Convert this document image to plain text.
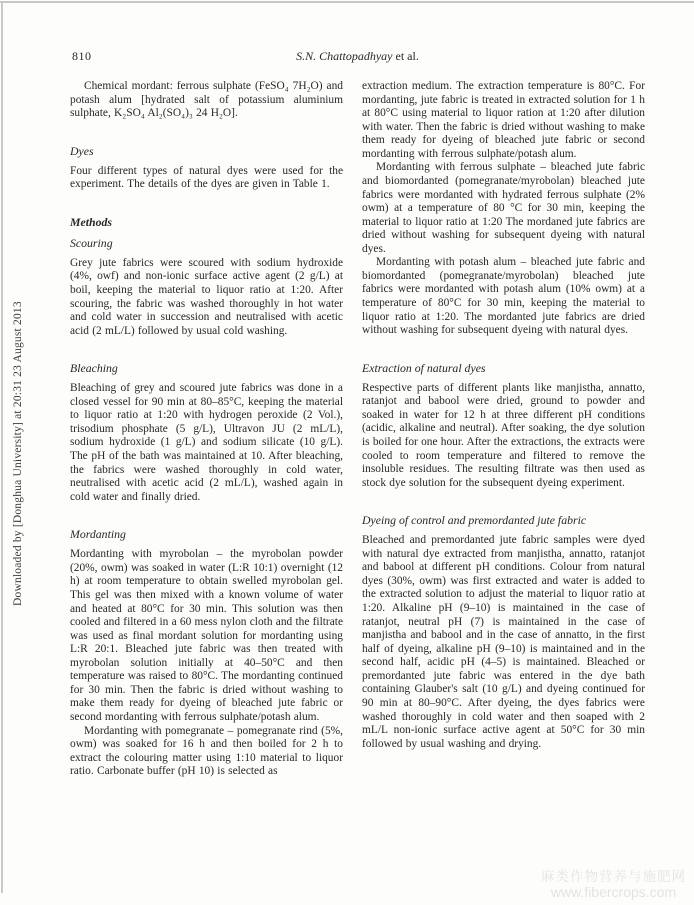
Downloaded by [Donghua University] at 20:31 23 August 2013
810	S.N. Chattopadhyay et al.

Chemical mordant: ferrous sulphate (FeSO₄ 7H₂O) and potash alum [hydrated salt of potassium aluminium sulphate, K₂SO₄ Al₂(SO₄)₃ 24 H₂O].

Dyes

Four different types of natural dyes were used for the experiment. The details of the dyes are given in Table 1.

Methods
Scouring

Grey jute fabrics were scoured with sodium hydroxide (4%, owf) and non-ionic surface active agent (2 g/L) at boil, keeping the material to liquor ratio at 1:20. After scouring, the fabric was washed thoroughly in hot water and cold water in succession and neutralised with acetic acid (2 mL/L) followed by usual cold washing.

Bleaching

Bleaching of grey and scoured jute fabrics was done in a closed vessel for 90 min at 80–85°C, keeping the material to liquor ratio at 1:20 with hydrogen peroxide (2 Vol.), trisodium phosphate (5 g/L), Ultravon JU (2 mL/L), sodium hydroxide (1 g/L) and sodium silicate (10 g/L). The pH of the bath was maintained at 10. After bleaching, the fabrics were washed thoroughly in cold water, neutralised with acetic acid (2 mL/L), washed again in cold water and finally dried.

Mordanting

Mordanting with myrobolan – the myrobolan powder (20%, owm) was soaked in water (L:R 10:1) overnight (12 h) at room temperature to obtain swelled myrobolan gel. This gel was then mixed with a known volume of water and heated at 80°C for 30 min. This solution was then cooled and filtered in a 60 mess nylon cloth and the filtrate was used as final mordant solution for mordanting using L:R 20:1. Bleached jute fabric was then treated with myrobolan solution initially at 40–50°C and then temperature was raised to 80°C. The mordanting continued for 30 min. Then the fabric is dried without washing to make them ready for dyeing of bleached jute fabric or second mordanting with ferrous sulphate/potash alum.

Mordanting with pomegranate – pomegranate rind (5%, owm) was soaked for 16 h and then boiled for 2 h to extract the colouring matter using 1:10 material to liquor ratio. Carbonate buffer (pH 10) is selected as

extraction medium. The extraction temperature is 80°C. For mordanting, jute fabric is treated in extracted solution for 1 h at 80°C using material to liquor ration at 1:20 after dilution with water. Then the fabric is dried without washing to make them ready for dyeing of bleached jute fabric or second mordanting with ferrous sulphate/potash alum.

Mordanting with ferrous sulphate – bleached jute fabric and biomordanted (pomegranate/myrobolan) bleached jute fabrics were mordanted with hydrated ferrous sulphate (2% owm) at a temperature of 80 °C for 30 min, keeping the material to liquor ratio at 1:20 The mordaned jute fabrics are dried without washing for subsequent dyeing with natural dyes.

Mordanting with potash alum – bleached jute fabric and biomordanted (pomegranate/myrobolan) bleached jute fabrics were mordanted with potash alum (10% owm) at a temperature of 80°C for 30 min, keeping the material to liquor ratio at 1:20. The mordanted jute fabrics are dried without washing for subsequent dyeing with natural dyes.

Extraction of natural dyes

Respective parts of different plants like manjistha, annatto, ratanjot and babool were dried, ground to powder and soaked in water for 12 h at three different pH conditions (acidic, alkaline and neutral). After soaking, the dye solution is boiled for one hour. After the extractions, the extracts were cooled to room temperature and filtered to remove the insoluble residues. The resulting filtrate was then used as stock dye solution for the subsequent dyeing experiment.

Dyeing of control and premordanted jute fabric

Bleached and premordanted jute fabric samples were dyed with natural dye extracted from manjistha, annatto, ratanjot and babool at different pH conditions. Colour from natural dyes (30%, owm) was first extracted and water is added to the extracted solution to adjust the material to liquor ratio at 1:20. Alkaline pH (9–10) is maintained in the case of ratanjot, neutral pH (7) is maintained in the case of manjistha and babool and in the case of annatto, in the first half of dyeing, alkaline pH (9–10) is maintained and in the second half, acidic pH (4–5) is maintained. Bleached or premordanted jute fabric was entered in the dye bath containing Glauber's salt (10 g/L) and dyeing continued for 90 min at 80–90°C. After dyeing, the dyes fabrics were washed thoroughly in cold water and then soaped with 2 mL/L non-ionic surface active agent at 50°C for 30 min followed by usual washing and drying.

麻类作物营养与施肥网
www.fibercrops.com
